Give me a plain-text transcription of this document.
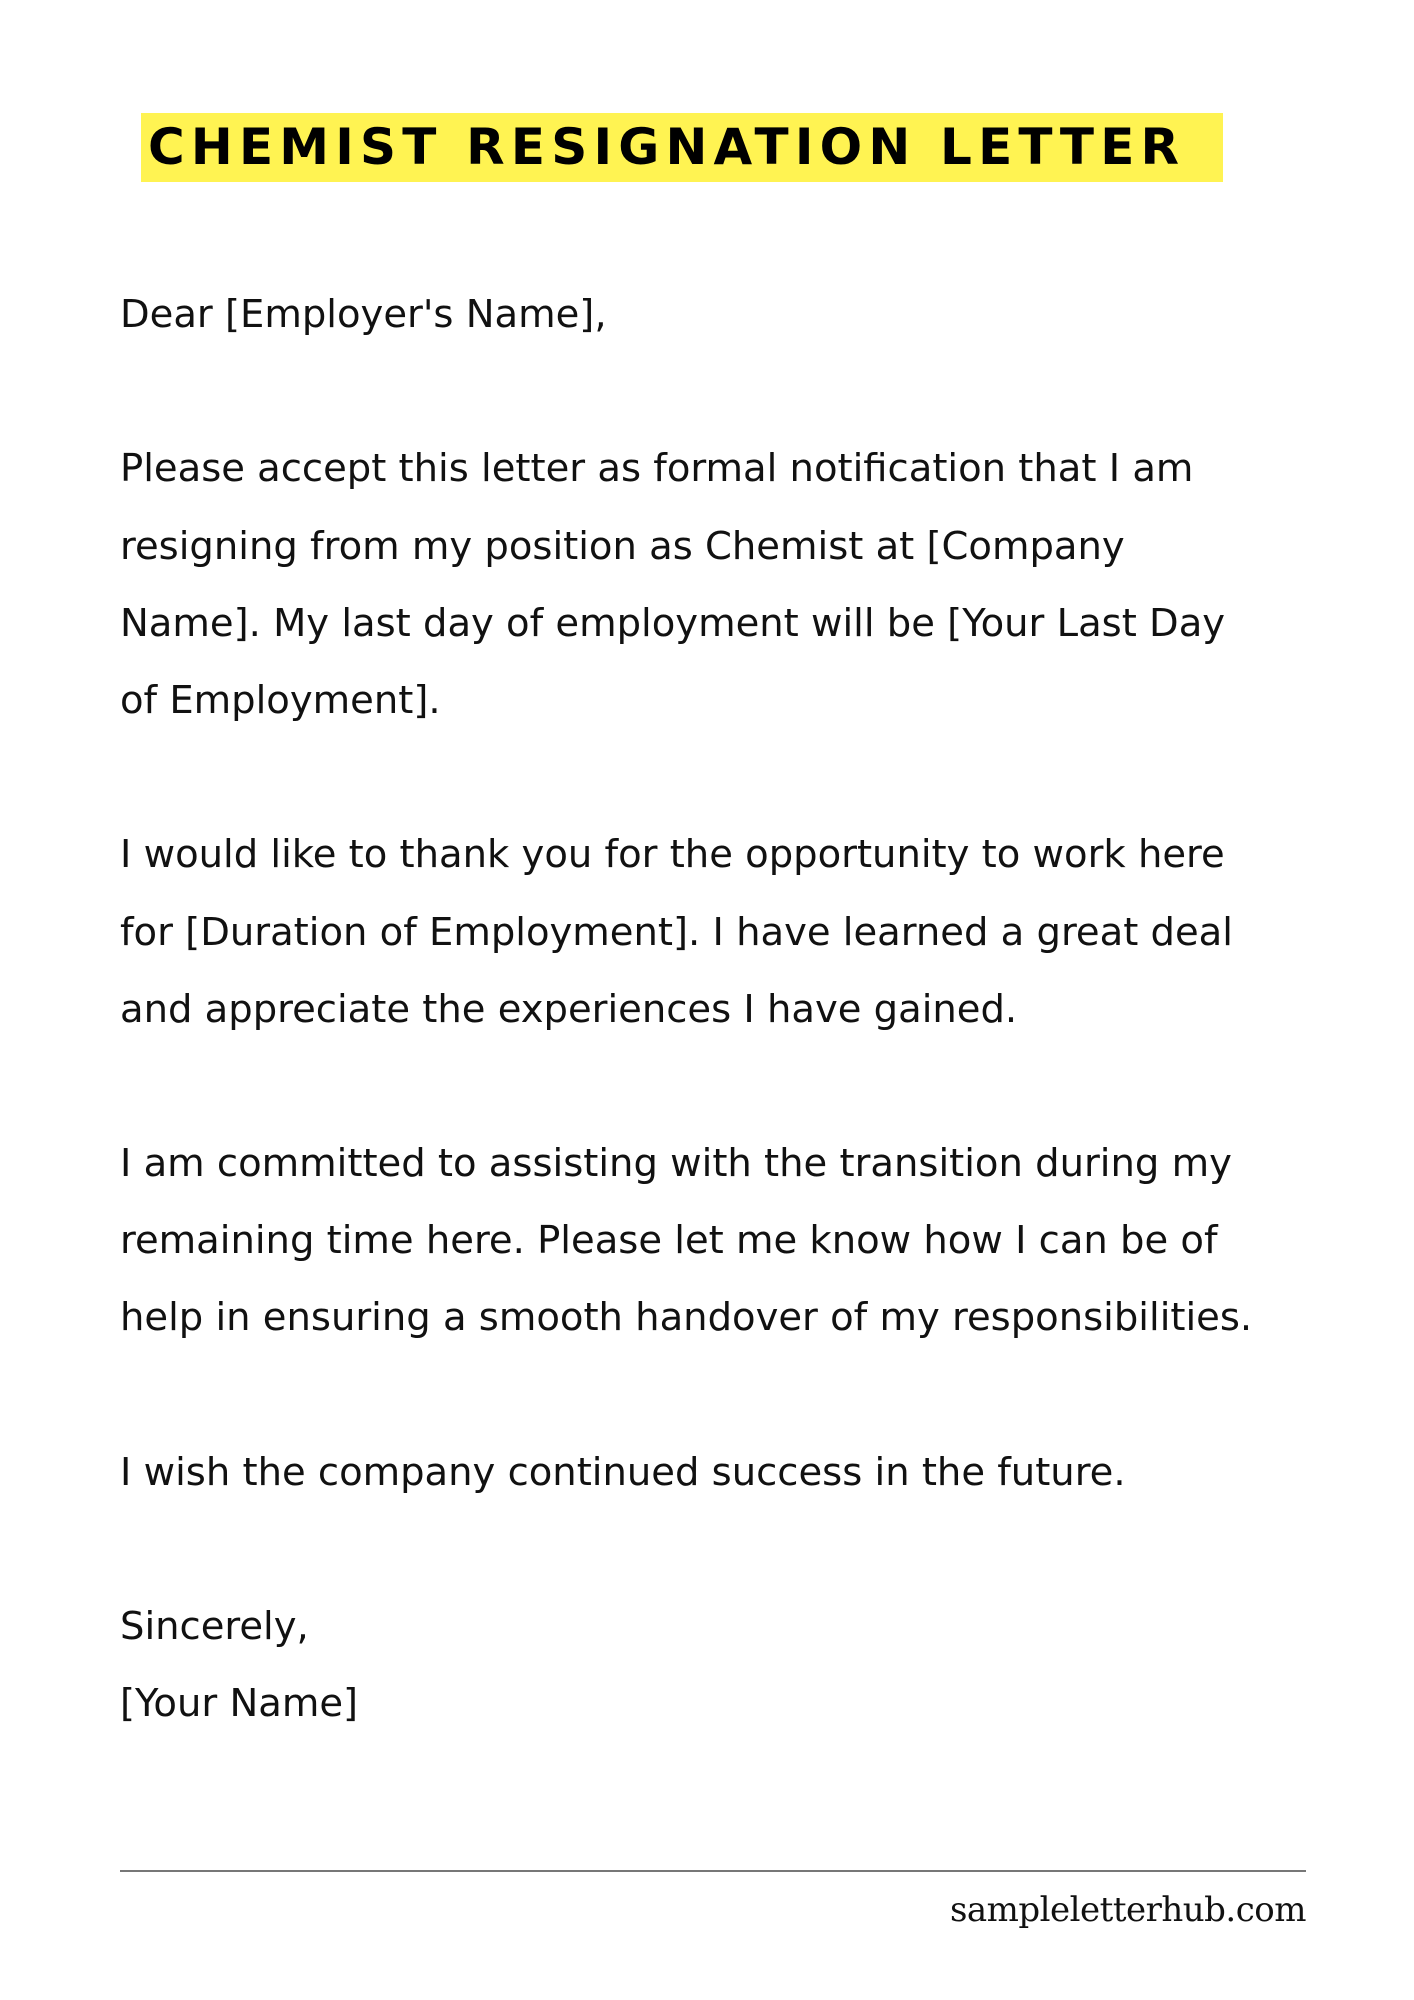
CHEMIST RESIGNATION LETTER
Dear [Employer's Name],
Please accept this letter as formal notification that I am
resigning from my position as Chemist at [Company
Name]. My last day of employment will be [Your Last Day
of Employment].
I would like to thank you for the opportunity to work here
for [Duration of Employment]. I have learned a great deal
and appreciate the experiences I have gained.
I am committed to assisting with the transition during my
remaining time here. Please let me know how I can be of
help in ensuring a smooth handover of my responsibilities.
I wish the company continued success in the future.
Sincerely,
[Your Name]
sampleletterhub.com
